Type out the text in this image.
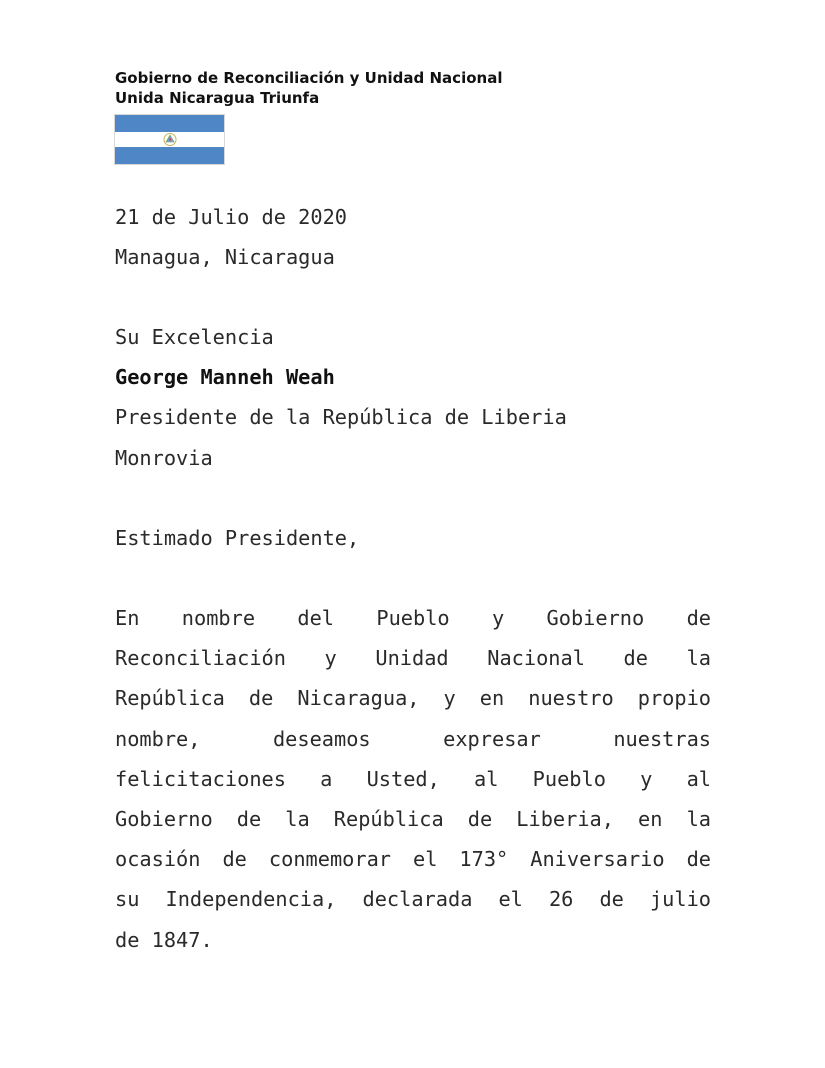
Gobierno de Reconciliación y Unidad Nacional
Unida Nicaragua Triunfa
21 de Julio de 2020
Managua, Nicaragua
Su Excelencia
George Manneh Weah
Presidente de la República de Liberia
Monrovia
Estimado Presidente,
En nombre del Pueblo y Gobierno de
Reconciliación y Unidad Nacional de la
República de Nicaragua, y en nuestro propio
nombre, deseamos expresar nuestras
felicitaciones a Usted, al Pueblo y al
Gobierno de la República de Liberia, en la
ocasión de conmemorar el 173° Aniversario de
su Independencia, declarada el 26 de julio
de 1847.
